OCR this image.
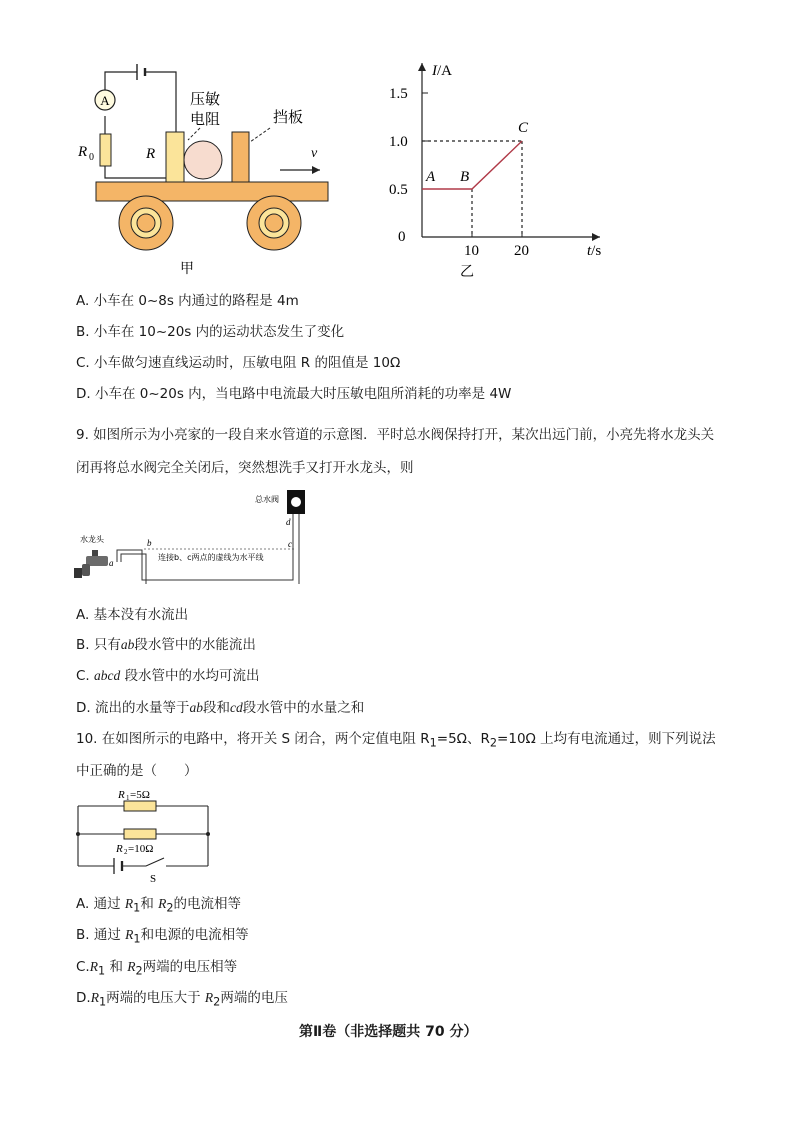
A
R 0	R
压敏
电阻	挡板
v
甲
I/A
t/s
0
0.5
1.0
1.5
10 20
A B
C
乙
A. 小车在 0~8s 内通过的路程是 4m
B. 小车在 10~20s 内的运动状态发生了变化
C. 小车做匀速直线运动时，压敏电阻 R 的阻值是 10Ω
D. 小车在 0~20s 内，当电路中电流最大时压敏电阻所消耗的功率是 4W
9. 如图所示为小亮家的一段自来水管道的示意图．平时总水阀保持打开，某次出远门前，小亮先将水龙头关闭再将总水阀完全关闭后，突然想洗手又打开水龙头，则
总水阀
d
b	c
a
连接b、c两点的虚线为水平线
水龙头
A. 基本没有水流出
B. 只有ab段水管中的水能流出
C. abcd 段水管中的水均可流出
D. 流出的水量等于ab段和cd段水管中的水量之和
10. 在如图所示的电路中，将开关 S 闭合，两个定值电阻 $R_1=5\Omega$、$R_2=10\Omega$ 上均有电流通过，则下列说法
中正确的是（　　）
R 1 =5Ω
R 2 =10Ω
S
A. 通过 $R_1$和 $R_2$的电流相等
B. 通过 $R_1$和电源的电流相等
$C.R_1$ 和 $R_2$两端的电压相等
$D.R_1$两端的电压大于 $R_2$两端的电压
第Ⅱ卷（非选择题共 70 分）
